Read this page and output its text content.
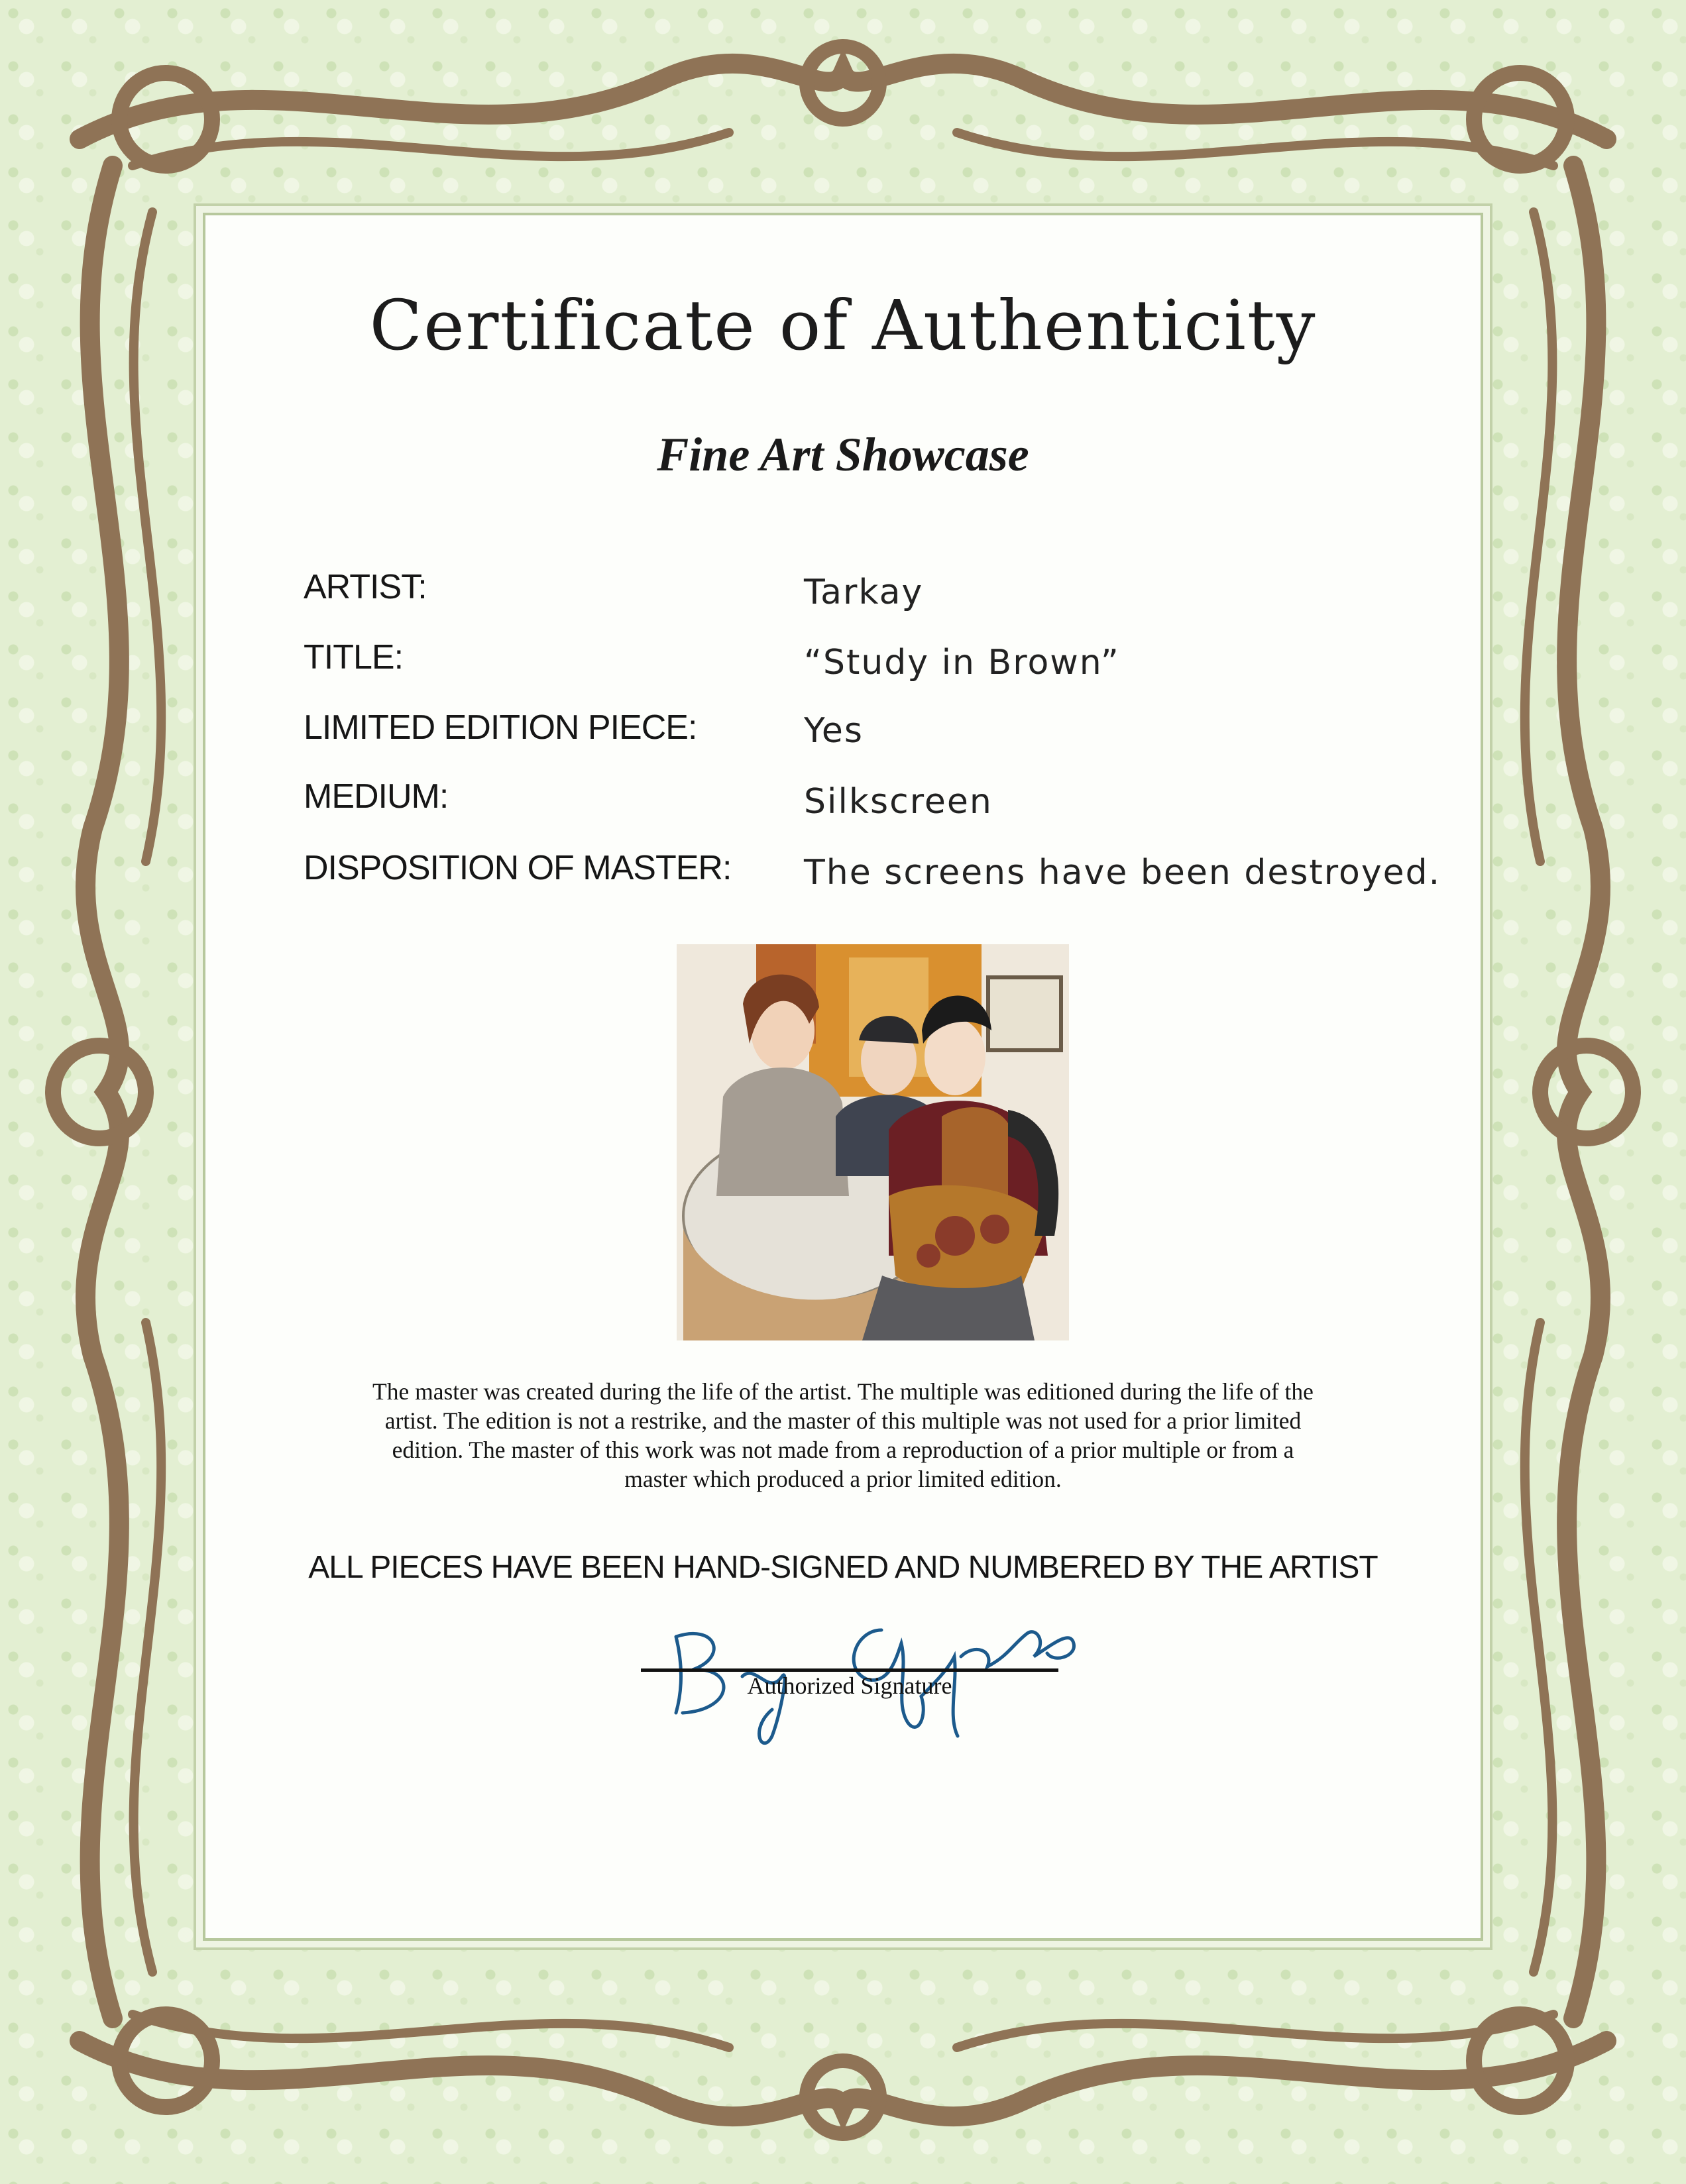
Certificate of Authenticity
Fine Art Showcase
ARTIST:	Tarkay
TITLE:	“Study in Brown”
LIMITED EDITION PIECE:	Yes
MEDIUM:	Silkscreen
DISPOSITION OF MASTER: The screens have been destroyed.
The master was created during the life of the artist. The multiple was editioned during the life of the
artist. The edition is not a restrike, and the master of this multiple was not used for a prior limited
edition. The master of this work was not made from a reproduction of a prior multiple or from a
master which produced a prior limited edition.
ALL PIECES HAVE BEEN HAND-SIGNED AND NUMBERED BY THE ARTIST
Authorized Signature
